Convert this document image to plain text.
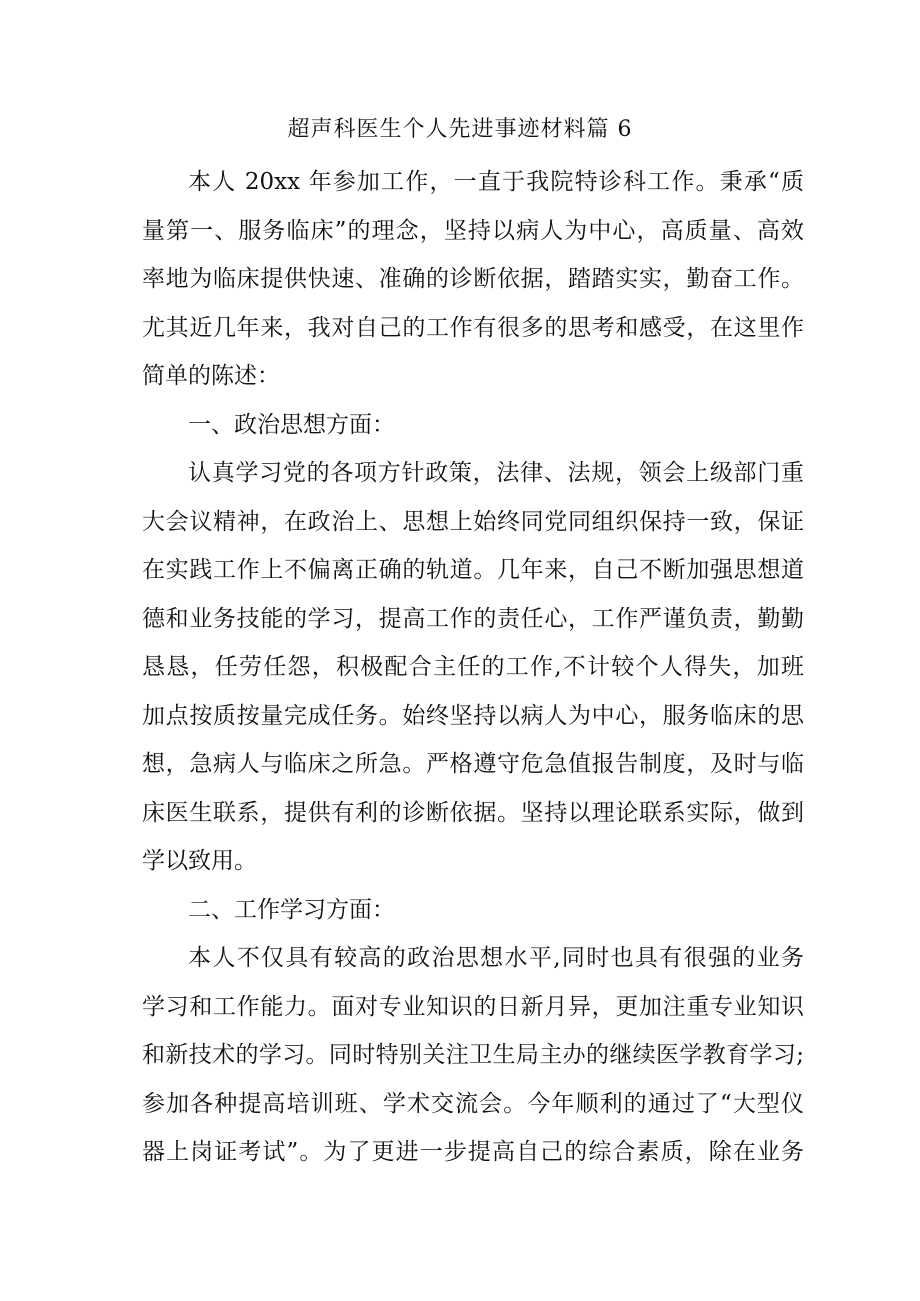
超声科医生个人先进事迹材料篇 6
本人 20xx 年参加工作，一直于我院特诊科工作。秉承“质
量第一、服务临床”的理念，坚持以病人为中心，高质量、高效
率地为临床提供快速、准确的诊断依据，踏踏实实，勤奋工作。
尤其近几年来，我对自己的工作有很多的思考和感受，在这里作
简单的陈述：
一、政治思想方面：
认真学习党的各项方针政策，法律、法规，领会上级部门重
大会议精神，在政治上、思想上始终同党同组织保持一致，保证
在实践工作上不偏离正确的轨道。几年来，自己不断加强思想道
德和业务技能的学习，提高工作的责任心，工作严谨负责，勤勤
恳恳，任劳任怨，积极配合主任的工作,不计较个人得失，加班
加点按质按量完成任务。始终坚持以病人为中心，服务临床的思
想，急病人与临床之所急。严格遵守危急值报告制度，及时与临
床医生联系，提供有利的诊断依据。坚持以理论联系实际，做到
学以致用。
二、工作学习方面：
本人不仅具有较高的政治思想水平,同时也具有很强的业务
学习和工作能力。面对专业知识的日新月异，更加注重专业知识
和新技术的学习。同时特别关注卫生局主办的继续医学教育学习;
参加各种提高培训班、学术交流会。今年顺利的通过了“大型仪
器上岗证考试”。为了更进一步提高自己的综合素质，除在业务
